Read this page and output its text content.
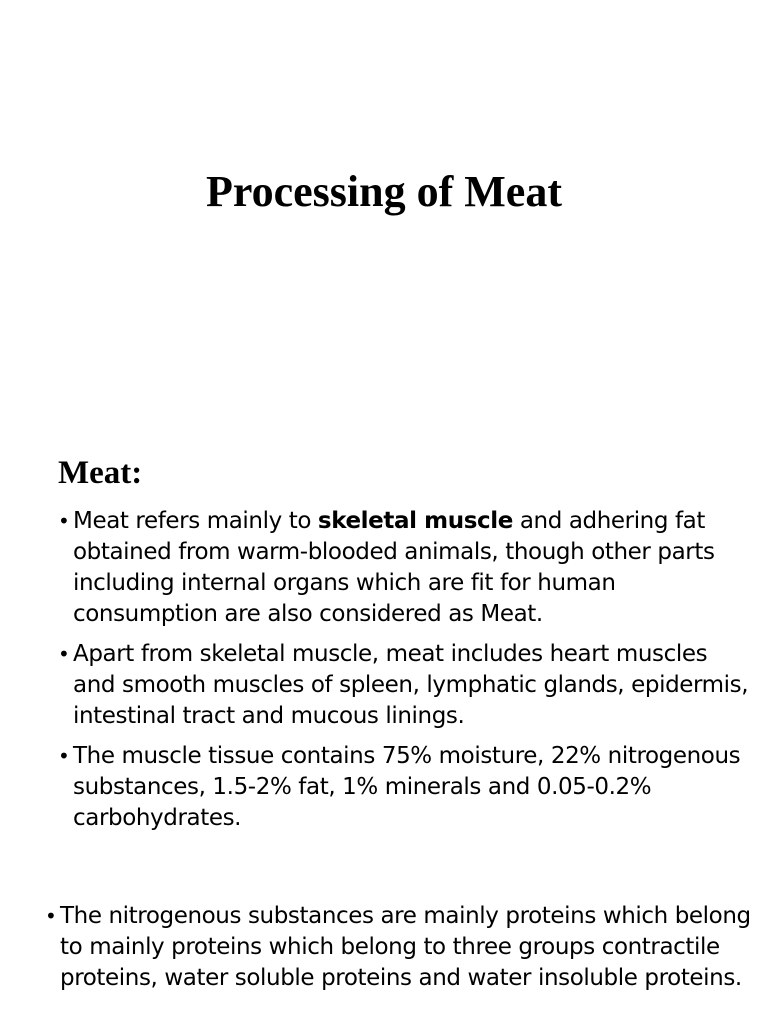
Processing of Meat
Meat:

• Meat refers mainly to skeletal muscle and adhering fat obtained from warm-blooded animals, though other parts including internal organs which are fit for human consumption are also considered as Meat.

• Apart from skeletal muscle, meat includes heart muscles and smooth muscles of spleen, lymphatic glands, epidermis, intestinal tract and mucous linings.

• The muscle tissue contains 75% moisture, 22% nitrogenous substances, 1.5-2% fat, 1% minerals and 0.05-0.2% carbohydrates.

• The nitrogenous substances are mainly proteins which belong to mainly proteins which belong to three groups contractile proteins, water soluble proteins and water insoluble proteins.
